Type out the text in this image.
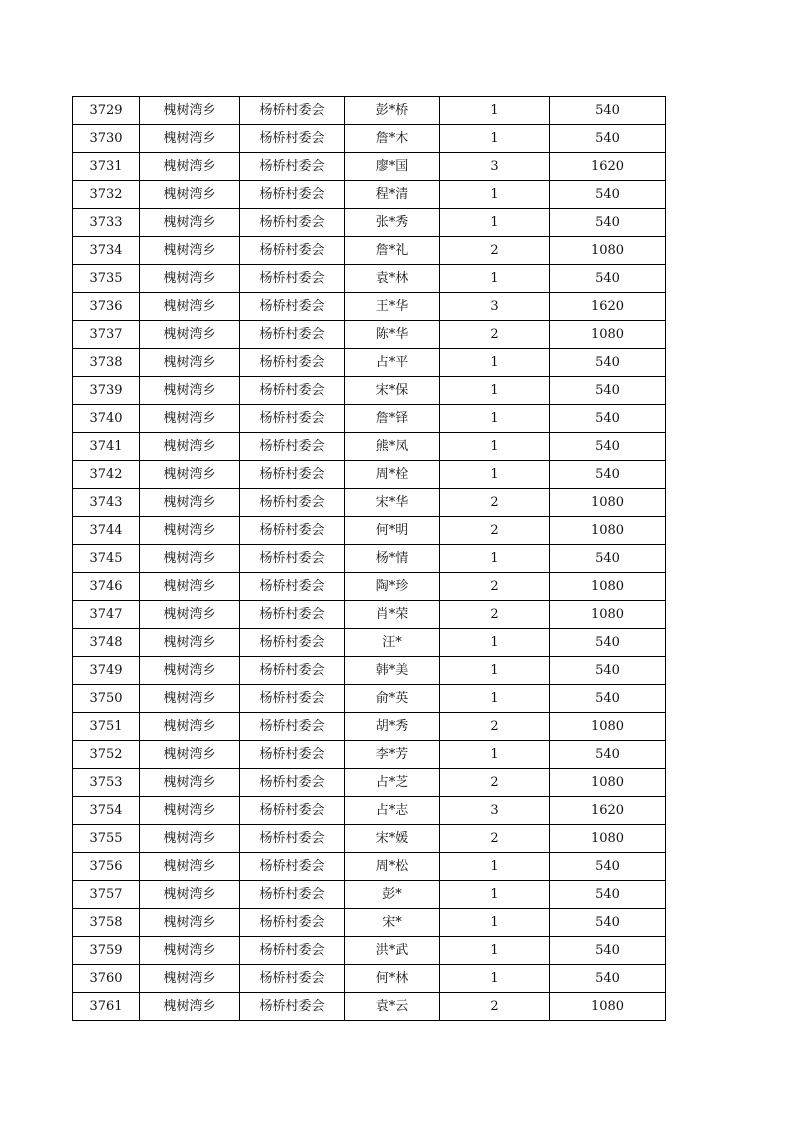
3729	槐树湾乡	杨桥村委会	彭*桥	1	540
3730	槐树湾乡	杨桥村委会	詹*木	1	540
3731	槐树湾乡	杨桥村委会	廖*国	3	1620
3732	槐树湾乡	杨桥村委会	程*清	1	540
3733	槐树湾乡	杨桥村委会	张*秀	1	540
3734	槐树湾乡	杨桥村委会	詹*礼	2	1080
3735	槐树湾乡	杨桥村委会	袁*林	1	540
3736	槐树湾乡	杨桥村委会	王*华	3	1620
3737	槐树湾乡	杨桥村委会	陈*华	2	1080
3738	槐树湾乡	杨桥村委会	占*平	1	540
3739	槐树湾乡	杨桥村委会	宋*保	1	540
3740	槐树湾乡	杨桥村委会	詹*铎	1	540
3741	槐树湾乡	杨桥村委会	熊*凤	1	540
3742	槐树湾乡	杨桥村委会	周*栓	1	540
3743	槐树湾乡	杨桥村委会	宋*华	2	1080
3744	槐树湾乡	杨桥村委会	何*明	2	1080
3745	槐树湾乡	杨桥村委会	杨*情	1	540
3746	槐树湾乡	杨桥村委会	陶*珍	2	1080
3747	槐树湾乡	杨桥村委会	肖*荣	2	1080
3748	槐树湾乡	杨桥村委会	汪*	1	540
3749	槐树湾乡	杨桥村委会	韩*美	1	540
3750	槐树湾乡	杨桥村委会	俞*英	1	540
3751	槐树湾乡	杨桥村委会	胡*秀	2	1080
3752	槐树湾乡	杨桥村委会	李*芳	1	540
3753	槐树湾乡	杨桥村委会	占*芝	2	1080
3754	槐树湾乡	杨桥村委会	占*志	3	1620
3755	槐树湾乡	杨桥村委会	宋*媛	2	1080
3756	槐树湾乡	杨桥村委会	周*松	1	540
3757	槐树湾乡	杨桥村委会	彭*	1	540
3758	槐树湾乡	杨桥村委会	宋*	1	540
3759	槐树湾乡	杨桥村委会	洪*武	1	540
3760	槐树湾乡	杨桥村委会	何*林	1	540
3761	槐树湾乡	杨桥村委会	袁*云	2	1080
